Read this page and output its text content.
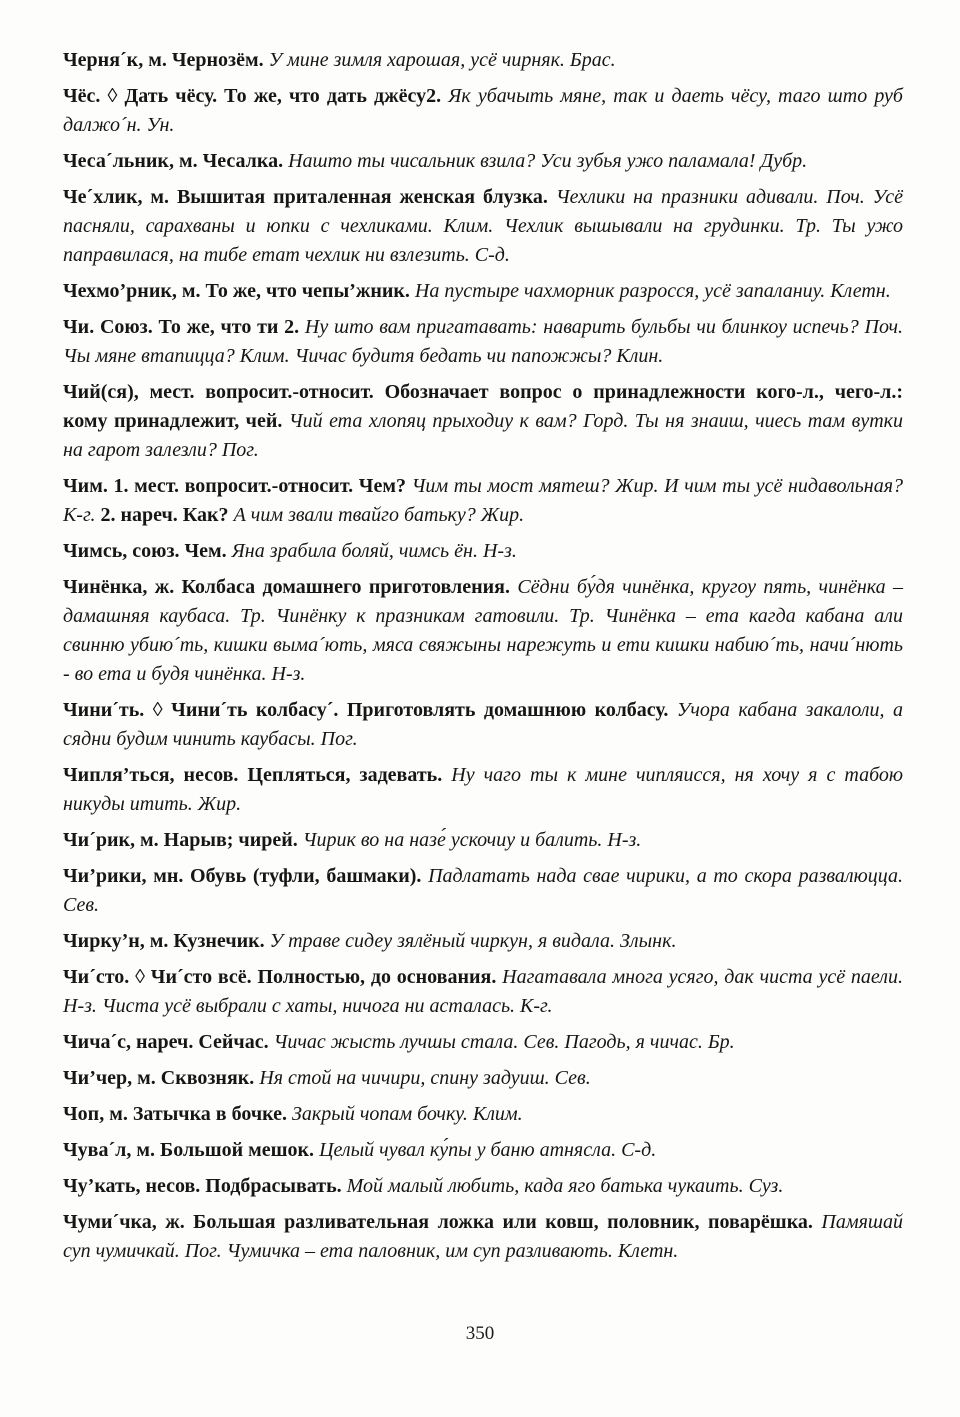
Черня´к, м. Чернозём. У мине зимля харошая, усё чирняк. Брас.

Чёс. ◊ Дать чёсу. То же, что дать джёсу2. Як убачыть мяне, так и даеть чёсу, таго што руб далжо´н. Ун.

Чеса´льник, м. Чесалка. Нашто ты чисальник взила? Уси зубья ужо паламала! Дубр.

Че´хлик, м. Вышитая приталенная женская блузка. Чехлики на празники адивали. Поч. Усё пасняли, сарахваны и юпки с чехликами. Клим. Чехлик вышывали на грудинки. Тр. Ты ужо паправилася, на тибе етат чехлик ни взлезить. С-д.

Чехмо’рник, м. То же, что чепы’жник. На пустыре чахморник разросся, усё запаланиу. Клетн.

Чи. Союз. То же, что ти 2. Ну што вам пригатавать: наварить бульбы чи блинкоу испечь? Поч. Чы мяне втапицца? Клим. Чичас будитя бедать чи папожжы? Клин.

Чий(ся), мест. вопросит.-относит. Обозначает вопрос о принадлежности кого-л., чего-л.: кому принадлежит, чей. Чий ета хлопяц прыходиу к вам? Горд. Ты ня знаиш, чиесь там вутки на гарот залезли? Пог.

Чим. 1. мест. вопросит.-относит. Чем? Чим ты мост мятеш? Жир. И чим ты усё нидавольная? К-г. 2. нареч. Как? А чим звали твайго батьку? Жир.

Чимсь, союз. Чем. Яна зрабила боляй, чимсь ён. Н-з.

Чинёнка, ж. Колбаса домашнего приготовления. Сёдни бу́дя чинёнка, кругоу пять, чинёнка – дамашняя каубаса. Тр. Чинёнку к празникам гатовили. Тр. Чинёнка – ета кагда кабана али свинню убию´ть, кишки выма´ють, мяса свяжыны нарежуть и ети кишки набию´ть, начи´нють - во ета и будя чинёнка. Н-з.

Чини´ть. ◊ Чини´ть колбасу´. Приготовлять домашнюю колбасу. Учора кабана закалоли, а сядни будим чинить каубасы. Пог.

Чипля’ться, несов. Цепляться, задевать. Ну чаго ты к мине чипляисся, ня хочу я с табою никуды итить. Жир.

Чи´рик, м. Нарыв; чирей. Чирик во на назе́ ускочиу и балить. Н-з.

Чи’рики, мн. Обувь (туфли, башмаки). Падлатать нада свае чирики, а то скора развалюцца. Сев.

Чирку’н, м. Кузнечик. У траве сидеу зялёный чиркун, я видала. Злынк.

Чи´сто. ◊ Чи´сто всё. Полностью, до основания. Нагатавала многа усяго, дак чиста усё паели. Н-з. Чиста усё выбрали с хаты, ничога ни асталась. К-г.

Чича´с, нареч. Сейчас. Чичас жысть лучшы стала. Сев. Пагодь, я чичас. Бр.

Чи’чер, м. Сквозняк. Ня стой на чичири, спину задуиш. Сев.

Чоп, м. Затычка в бочке. Закрый чопам бочку. Клим.

Чува´л, м. Большой мешок. Целый чувал ку́пы у баню атнясла. С-д.

Чу’кать, несов. Подбрасывать. Мой малый любить, када яго батька чукаить. Суз.

Чуми´чка, ж. Большая разливательная ложка или ковш, половник, поварёшка. Памяшай суп чумичкай. Пог. Чумичка – ета паловник, им суп разливають. Клетн.

350
